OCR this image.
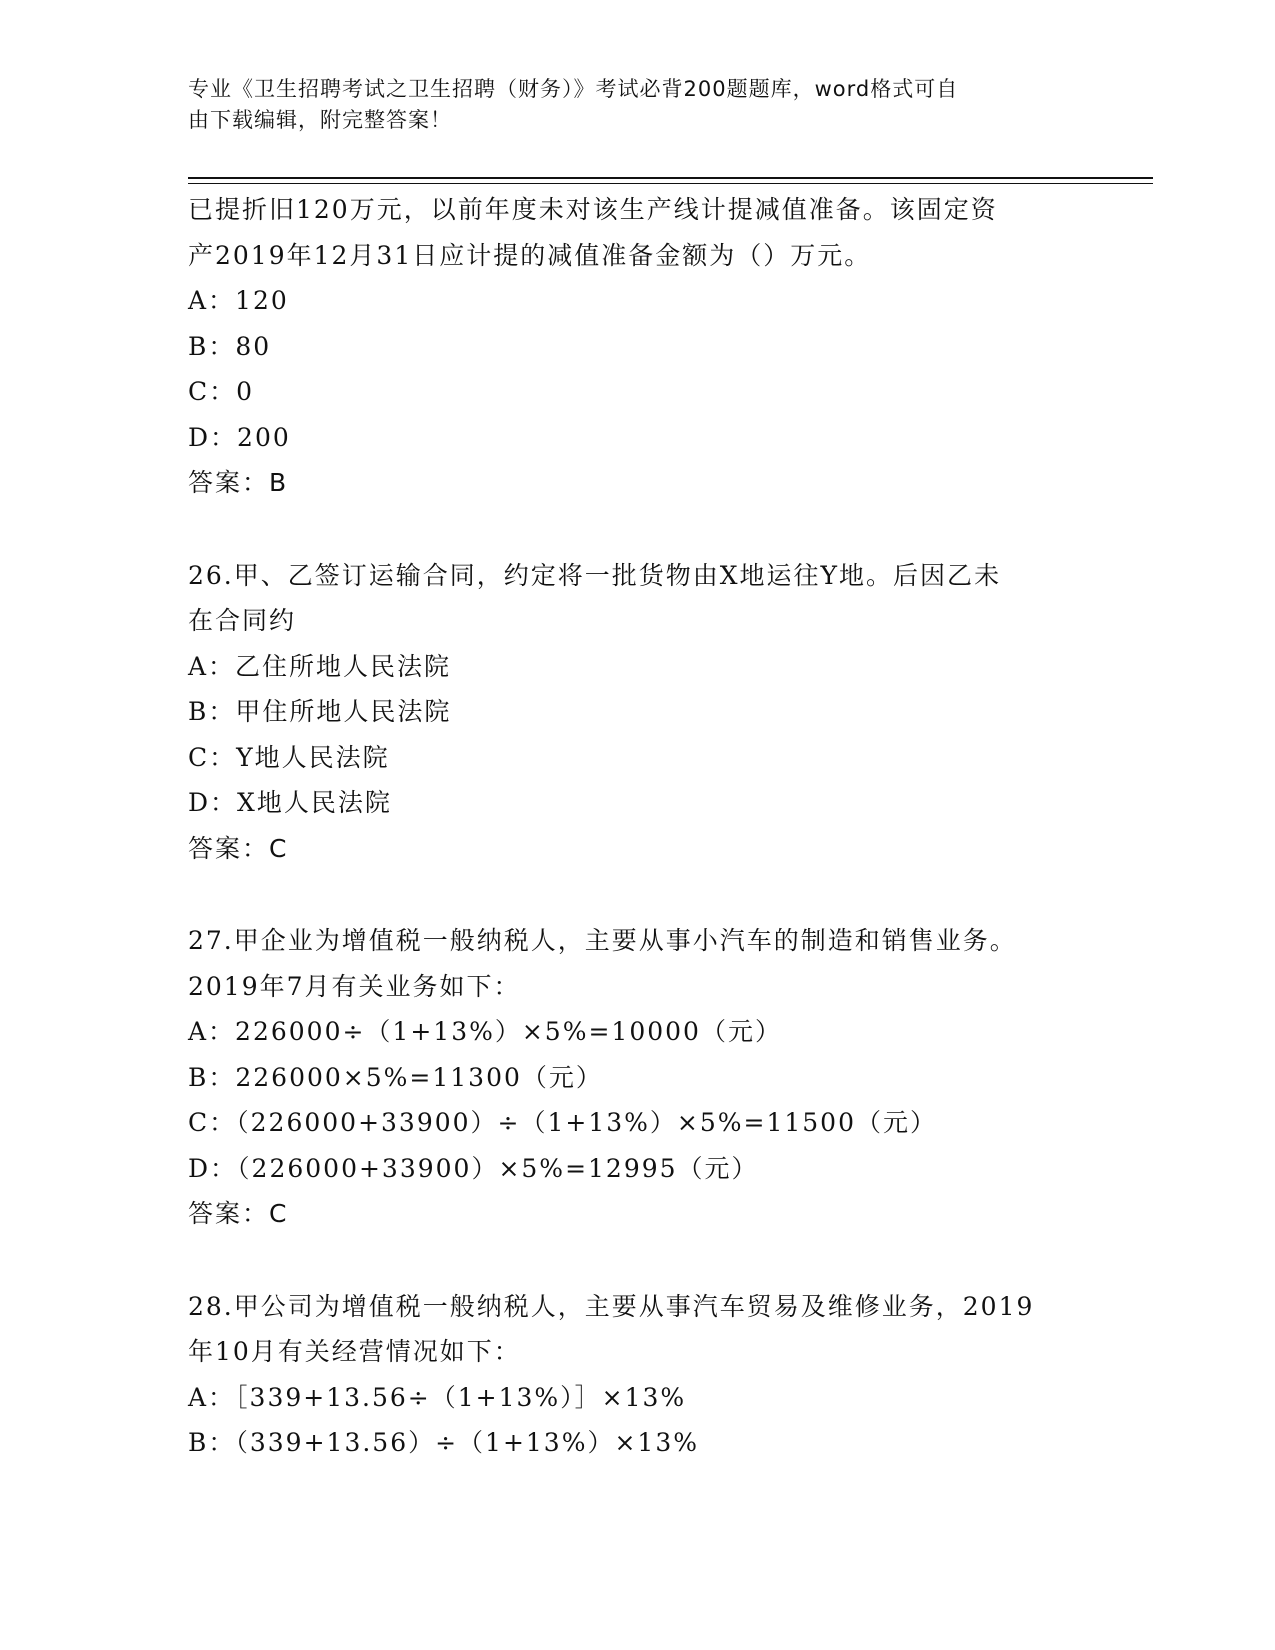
专业《卫生招聘考试之卫生招聘（财务）》考试必背200题题库，word格式可自
由下载编辑，附完整答案！
已提折旧120万元，以前年度未对该生产线计提减值准备。该固定资
产2019年12月31日应计提的减值准备金额为（）万元。
A：120
B：80
C：0
D：200
答案：B
26.甲、乙签订运输合同，约定将一批货物由X地运往Y地。后因乙未
在合同约
A：乙住所地人民法院
B：甲住所地人民法院
C：Y地人民法院
D：X地人民法院
答案：C
27.甲企业为增值税一般纳税人，主要从事小汽车的制造和销售业务。
2019年7月有关业务如下：
A：226000÷（1+13%）×5%=10000（元）
B：226000×5%=11300（元）
C：（226000+33900）÷（1+13%）×5%=11500（元）
D：（226000+33900）×5%=12995（元）
答案：C
28.甲公司为增值税一般纳税人，主要从事汽车贸易及维修业务，2019
年10月有关经营情况如下：
A：［339+13.56÷（1+13%）］×13%
B：（339+13.56）÷（1+13%）×13%
